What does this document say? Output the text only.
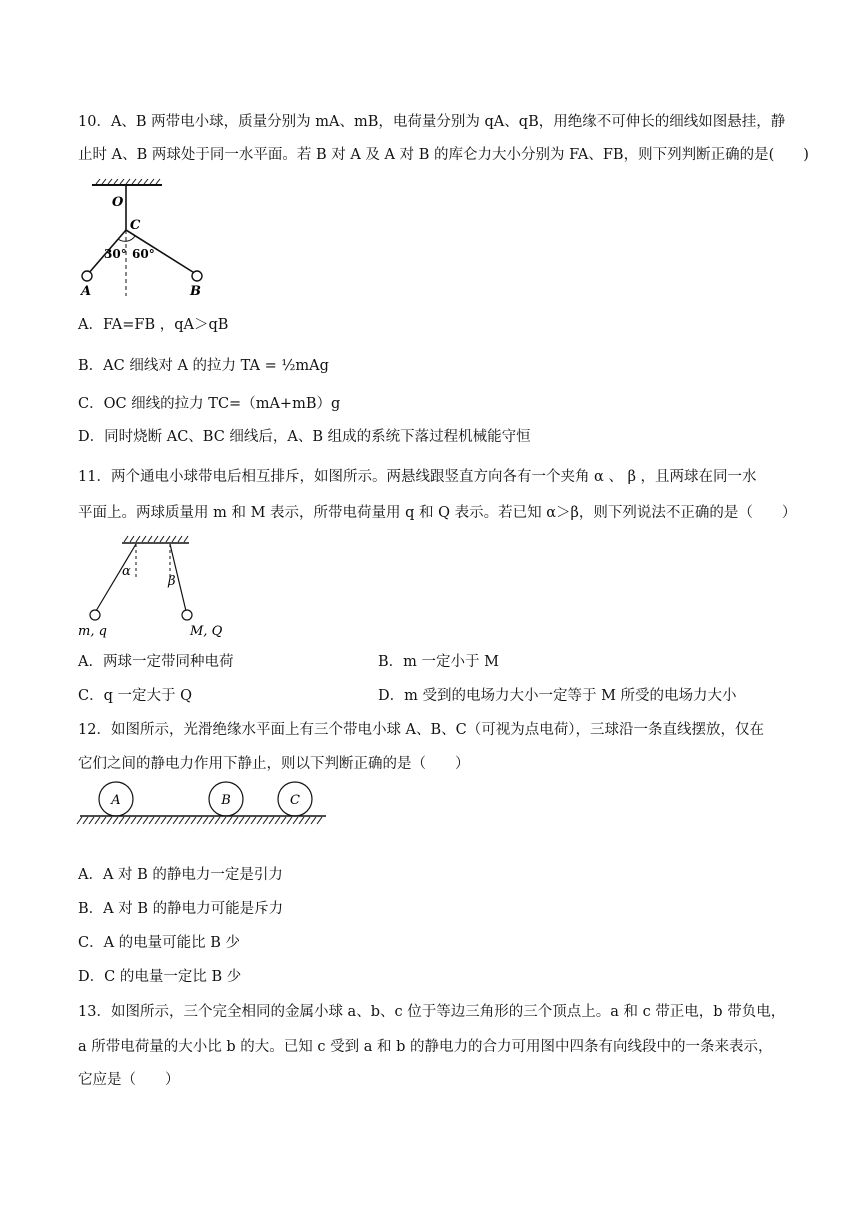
10．A、B 两带电小球，质量分别为 mA、mB，电荷量分别为 qA、qB，用绝缘不可伸长的细线如图悬挂，静
止时 A、B 两球处于同一水平面。若 B 对 A 及 A 对 B 的库仑力大小分别为 FA、FB，则下列判断正确的是(　　)
O
C
30° 60°
A	B
A．FA=FB ，qA＞qB
B．AC 细线对 A 的拉力 TA = ½mAg
C．OC 细线的拉力 TC=（mA+mB）g
D．同时烧断 AC、BC 细线后，A、B 组成的系统下落过程机械能守恒
11．两个通电小球带电后相互排斥，如图所示。两悬线跟竖直方向各有一个夹角 α 、 β ，且两球在同一水
平面上。两球质量用 m 和 M 表示，所带电荷量用 q 和 Q 表示。若已知 α＞β，则下列说法不正确的是（　　）
α
β
m, q	M, Q
A．两球一定带同种电荷	B．m 一定小于 M
C．q 一定大于 Q	D．m 受到的电场力大小一定等于 M 所受的电场力大小
12．如图所示，光滑绝缘水平面上有三个带电小球 A、B、C（可视为点电荷），三球沿一条直线摆放，仅在
它们之间的静电力作用下静止，则以下判断正确的是（　　）
A	B	C
A．A 对 B 的静电力一定是引力
B．A 对 B 的静电力可能是斥力
C．A 的电量可能比 B 少
D．C 的电量一定比 B 少
13．如图所示，三个完全相同的金属小球 a、b、c 位于等边三角形的三个顶点上。a 和 c 带正电，b 带负电，
a 所带电荷量的大小比 b 的大。已知 c 受到 a 和 b 的静电力的合力可用图中四条有向线段中的一条来表示，
它应是（　　）
